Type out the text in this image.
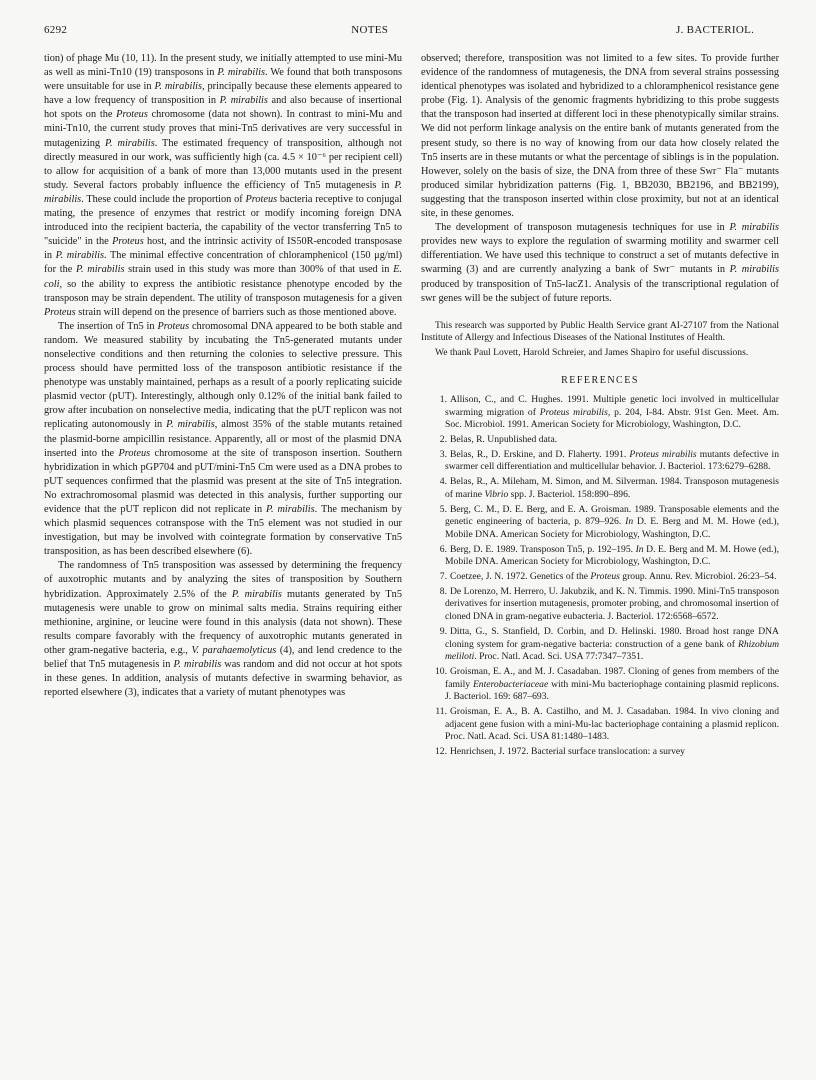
6292	NOTES	J. BACTERIOL.

tion) of phage Mu (10, 11). In the present study, we initially attempted to use mini-Mu as well as mini-Tn10 (19) transposons in P. mirabilis. We found that both transposons were unsuitable for use in P. mirabilis, principally because these elements appeared to have a low frequency of transposition in P. mirabilis and also because of insertional hot spots on the Proteus chromosome (data not shown). In contrast to mini-Mu and mini-Tn10, the current study proves that mini-Tn5 derivatives are very successful in mutagenizing P. mirabilis. The estimated frequency of transposition, although not directly measured in our work, was sufficiently high (ca. 4.5 × 10⁻⁶ per recipient cell) to allow for acquisition of a bank of more than 13,000 mutants used in the present study. Several factors probably influence the efficiency of Tn5 mutagenesis in P. mirabilis. These could include the proportion of Proteus bacteria receptive to conjugal mating, the presence of enzymes that restrict or modify incoming foreign DNA introduced into the recipient bacteria, the capability of the vector transferring Tn5 to "suicide" in the Proteus host, and the intrinsic activity of IS50R-encoded transposase in P. mirabilis. The minimal effective concentration of chloramphenicol (150 μg/ml) for the P. mirabilis strain used in this study was more than 300% of that used in E. coli, so the ability to express the antibiotic resistance phenotype encoded by the transposon may be strain dependent. The utility of transposon mutagenesis for a given Proteus strain will depend on the presence of barriers such as those mentioned above.

The insertion of Tn5 in Proteus chromosomal DNA appeared to be both stable and random. We measured stability by incubating the Tn5-generated mutants under nonselective conditions and then returning the colonies to selective pressure. This process should have permitted loss of the transposon antibiotic resistance if the phenotype was unstably maintained, perhaps as a result of a poorly replicating suicide plasmid vector (pUT). Interestingly, although only 0.12% of the initial bank failed to grow after incubation on nonselective media, indicating that the pUT replicon was not replicating autonomously in P. mirabilis, almost 35% of the stable mutants retained the plasmid-borne ampicillin resistance. Apparently, all or most of the plasmid DNA inserted into the Proteus chromosome at the site of transposon insertion. Southern hybridization in which pGP704 and pUT/mini-Tn5 Cm were used as a DNA probes to pUT sequences confirmed that the plasmid was present at the site of Tn5 integration. No extrachromosomal plasmid was detected in this analysis, further supporting our evidence that the pUT replicon did not replicate in P. mirabilis. The mechanism by which plasmid sequences cotranspose with the Tn5 element was not studied in our investigation, but may be involved with cointegrate formation by conservative Tn5 transposition, as has been described elsewhere (6).

The randomness of Tn5 transposition was assessed by determining the frequency of auxotrophic mutants and by analyzing the sites of transposition by Southern hybridization. Approximately 2.5% of the P. mirabilis mutants generated by Tn5 mutagenesis were unable to grow on minimal salts media. Strains requiring either methionine, arginine, or leucine were found in this analysis (data not shown). These results compare favorably with the frequency of auxotrophic mutants generated in other gram-negative bacteria, e.g., V. parahaemolyticus (4), and lend credence to the belief that Tn5 mutagenesis in P. mirabilis was random and did not occur at hot spots in these genes. In addition, analysis of mutants defective in swarming behavior, as reported elsewhere (3), indicates that a variety of mutant phenotypes was

observed; therefore, transposition was not limited to a few sites. To provide further evidence of the randomness of mutagenesis, the DNA from several strains possessing identical phenotypes was isolated and hybridized to a chloramphenicol resistance gene probe (Fig. 1). Analysis of the genomic fragments hybridizing to this probe suggests that the transposon had inserted at different loci in these phenotypically similar strains. We did not perform linkage analysis on the entire bank of mutants generated from the present study, so there is no way of knowing from our data how closely related the Tn5 inserts are in these mutants or what the percentage of siblings is in the population. However, solely on the basis of size, the DNA from three of these Swr⁻ Fla⁻ mutants produced similar hybridization patterns (Fig. 1, BB2030, BB2196, and BB2199), suggesting that the transposon inserted within close proximity, but not at an identical site, in these genomes.

The development of transposon mutagenesis techniques for use in P. mirabilis provides new ways to explore the regulation of swarming motility and swarmer cell differentiation. We have used this technique to construct a set of mutants defective in swarming (3) and are currently analyzing a bank of Swr⁻ mutants in P. mirabilis produced by transposition of Tn5-lacZ1. Analysis of the transcriptional regulation of swr genes will be the subject of future reports.

This research was supported by Public Health Service grant AI-27107 from the National Institute of Allergy and Infectious Diseases of the National Institutes of Health.

We thank Paul Lovett, Harold Schreier, and James Shapiro for useful discussions.

REFERENCES
1. Allison, C., and C. Hughes. 1991. Multiple genetic loci involved in multicellular swarming migration of Proteus mirabilis, p. 204, I-84. Abstr. 91st Gen. Meet. Am. Soc. Microbiol. 1991. American Society for Microbiology, Washington, D.C.
2. Belas, R. Unpublished data.
3. Belas, R., D. Erskine, and D. Flaherty. 1991. Proteus mirabilis mutants defective in swarmer cell differentiation and multicellular behavior. J. Bacteriol. 173:6279–6288.
4. Belas, R., A. Mileham, M. Simon, and M. Silverman. 1984. Transposon mutagenesis of marine Vibrio spp. J. Bacteriol. 158:890–896.
5. Berg, C. M., D. E. Berg, and E. A. Groisman. 1989. Transposable elements and the genetic engineering of bacteria, p. 879–926. In D. E. Berg and M. M. Howe (ed.), Mobile DNA. American Society for Microbiology, Washington, D.C.
6. Berg, D. E. 1989. Transposon Tn5, p. 192–195. In D. E. Berg and M. M. Howe (ed.), Mobile DNA. American Society for Microbiology, Washington, D.C.
7. Coetzee, J. N. 1972. Genetics of the Proteus group. Annu. Rev. Microbiol. 26:23–54.
8. De Lorenzo, M. Herrero, U. Jakubzik, and K. N. Timmis. 1990. Mini-Tn5 transposon derivatives for insertion mutagenesis, promoter probing, and chromosomal insertion of cloned DNA in gram-negative eubacteria. J. Bacteriol. 172:6568–6572.
9. Ditta, G., S. Stanfield, D. Corbin, and D. Helinski. 1980. Broad host range DNA cloning system for gram-negative bacteria: construction of a gene bank of Rhizobium meliloti. Proc. Natl. Acad. Sci. USA 77:7347–7351.
10. Groisman, E. A., and M. J. Casadaban. 1987. Cloning of genes from members of the family Enterobacteriaceae with mini-Mu bacteriophage containing plasmid replicons. J. Bacteriol. 169: 687–693.
11. Groisman, E. A., B. A. Castilho, and M. J. Casadaban. 1984. In vivo cloning and adjacent gene fusion with a mini-Mu-lac bacteriophage containing a plasmid replicon. Proc. Natl. Acad. Sci. USA 81:1480–1483.
12. Henrichsen, J. 1972. Bacterial surface translocation: a survey
